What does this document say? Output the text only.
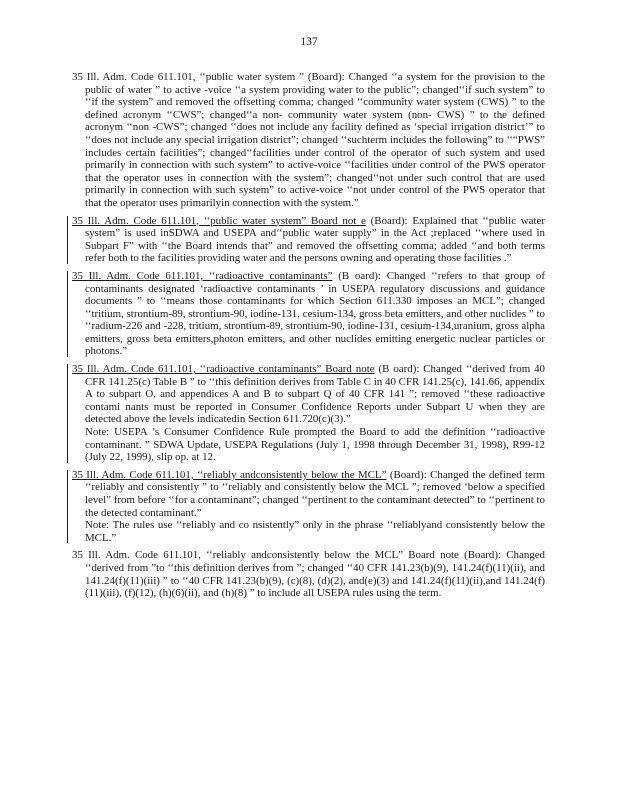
137

35 Ill. Adm. Code 611.101, ‘‘public water system ” (Board): Changed ‘‘a system for the provision to the public of water ” to active -voice ‘‘a system providing water to the public”; changed‘‘if such system” to ‘‘if the system” and removed the offsetting comma; changed ‘‘community water system (CWS) ” to the defined acronym ‘‘CWS”; changed‘‘a non- community water system (non- CWS) ” to the defined acronym ‘‘non -CWS”; changed ‘‘does not include any facility defined as ‘special irrigation district’” to ‘‘does not include any special irrigation district”; changed ‘‘suchterm includes the following” to ‘‘“PWS” includes certain facilities”; changed‘‘facilities under control of the operator of such system and used primarily in connection with such system” to active-voice ‘‘facilities under control of the PWS operator that the operator uses in connection with the system”; changed‘‘not under such control that are used primarily in connection with such system” to active-voice ‘‘not under control of the PWS operator that that the operator uses primarilyin connection with the system.”

35 Ill. Adm. Code 611.101, ‘‘public water system” Board not e (Board): Explained that ‘‘public water system” is used inSDWA and USEPA and‘‘public water supply” in the Act ;replaced ‘‘where used in Subpart F” with ‘‘the Board intends that” and removed the offsetting comma; added ‘‘and both terms refer both to the facilities providing water and the persons owning and operating those facilities .”

35 Ill. Adm. Code 611.101, ‘‘radioactive contaminants” (B oard): Changed ‘‘refers to that group of contaminants designated ‘radioactive contaminants ’ in USEPA regulatory discussions and guidance documents ” to ‘‘means those contaminants for which Section 611.330 imposes an MCL”; changed ‘‘tritium, strontium-89, strontium-90, iodine-131, cesium-134, gross beta emitters, and other nuclides ” to ‘‘radium-226 and -228, tritium, strontium-89, strontium-90, iodine-131, cesium-134,uranium, gross alpha emitters, gross beta emitters,photon emitters, and other nuclides emitting energetic nuclear particles or photons.”

35 Ill. Adm. Code 611.101, ‘‘radioactive contaminants” Board note (B oard): Changed ‘‘derived from 40 CFR 141.25(c) Table B ” to ‘‘this definition derives from Table C in 40 CFR 141.25(c), 141.66, appendix A to subpart O, and appendices A and B to subpart Q of 40 CFR 141 ”; removed ‘‘these radioactive contami nants must be reported in Consumer Confidence Reports under Subpart U when they are detected above the levels indicatedin Section 611.720(c)(3).”

Note: USEPA ’s Consumer Confidence Rule prompted the Board to add the definition ‘‘radioactive contaminant. ” SDWA Update, USEPA Regulations (July 1, 1998 through December 31, 1998), R99-12 (July 22, 1999), slip op. at 12.

35 Ill. Adm. Code 611.101, ‘‘reliably andconsistently below the MCL” (Board): Changed the defined term ‘‘reliably and consistently ” to ‘‘reliably and consistently below the MCL ”; removed ‘below a specified level” from before ‘‘for a contaminant”; changed ‘‘pertinent to the contaminant detected” to ‘‘pertinent to the detected contaminant.”

Note: The rules use ‘‘reliably and co nsistently” only in the phrase ‘‘reliablyand consistently below the MCL.”

35 Ill. Adm. Code 611.101, ‘‘reliably andconsistently below the MCL” Board note (Board): Changed ‘‘derived from ”to ‘‘this definition derives from ”; changed ‘‘40 CFR 141.23(b)(9), 141.24(f)(11)(ii), and 141.24(f)(11)(iii) ” to ‘‘40 CFR 141.23(b)(9), (c)(8), (d)(2), and(e)(3) and 141.24(f)(11)(ii),and 141.24(f)(11)(iii), (f)(12), (h)(6)(ii), and (h)(8) ” to include all USEPA rules using the term.
